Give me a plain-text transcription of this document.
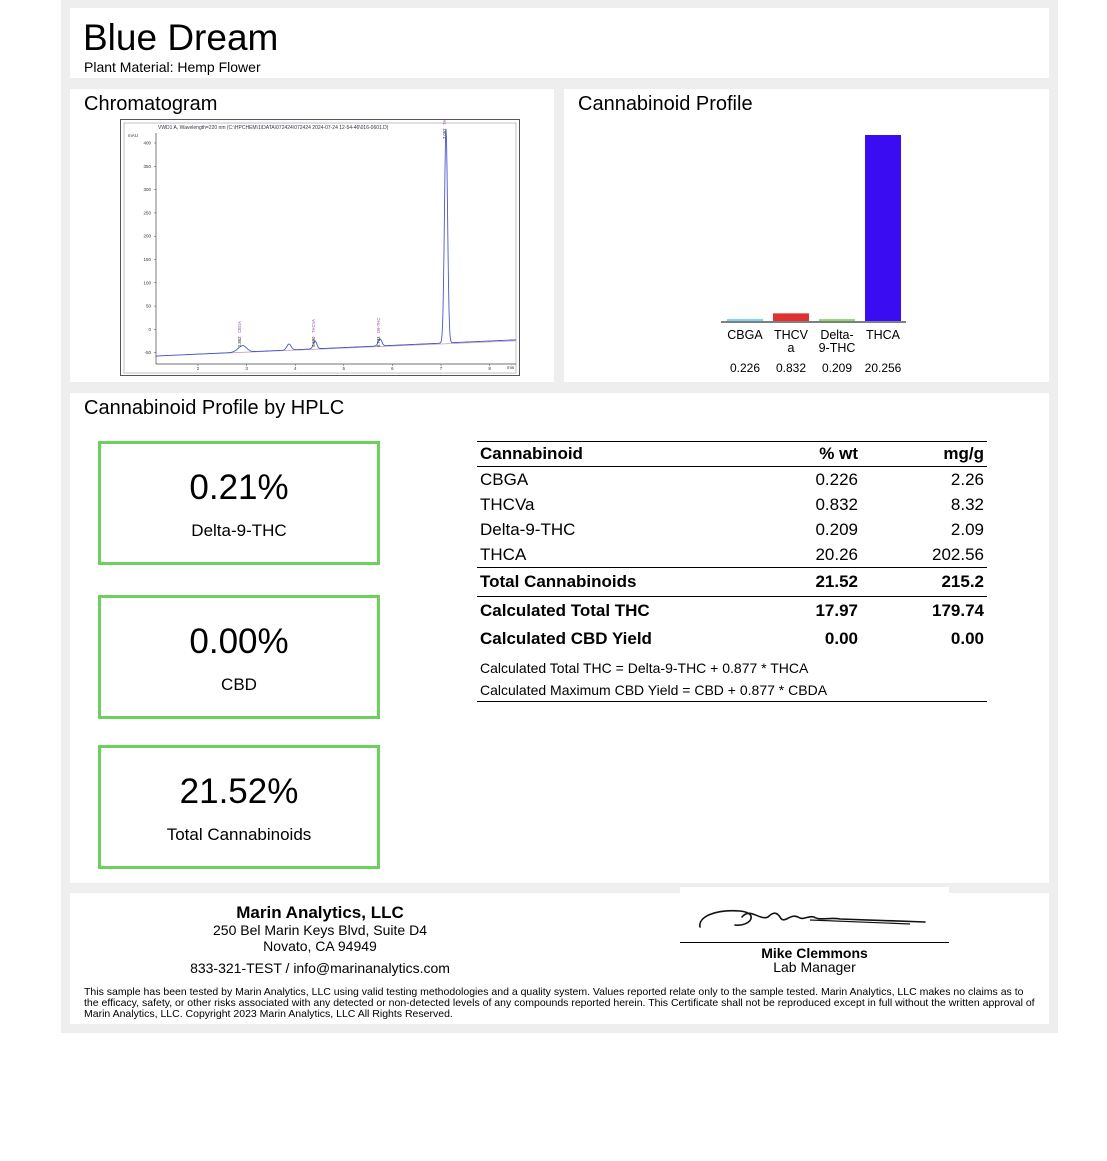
Blue Dream
Plant Material: Hemp Flower
Chromatogram
VWD1 A, Wavelength=220 nm (C:\HPCHEM\1\DATA\072424\072424 2024-07-24 12-54-46\016-0601.D)
mAU
min
400
350
300
250
200
150
100
50
0
-50
2	3	4	5	6	7	8
2.852
CBGA
4.590
THCVA
5.733
D9-THC
7.062
THCA
Cannabinoid Profile
CBGA
0.226
THCV
a
0.832
Delta-
9-THC
0.209
THCA
20.256
Cannabinoid Profile by HPLC
0.21%
Delta-9-THC
0.00%
CBD
21.52%
Total Cannabinoids
Cannabinoid	% wt	mg/g
CBGA	0.226	2.26
THCVa	0.832	8.32
Delta-9-THC	0.209	2.09
THCA	20.26	202.56
Total Cannabinoids	21.52	215.2
Calculated Total THC	17.97	179.74
Calculated CBD Yield	0.00	0.00
Calculated Total THC = Delta-9-THC + 0.877 * THCA		
Calculated Maximum CBD Yield = CBD + 0.877 * CBDA		
Marin Analytics, LLC
250 Bel Marin Keys Blvd, Suite D4
Novato, CA 94949
833-321-TEST / info@marinanalytics.com
Mike Clemmons
Lab Manager
This sample has been tested by Marin Analytics, LLC using valid testing methodologies and a quality system. Values reported relate only to the sample tested. Marin Analytics, LLC makes no claims as to the efficacy, safety, or other risks associated with any detected or non-detected levels of any compounds reported herein. This Certificate shall not be reproduced except in full without the written approval of Marin Analytics, LLC. Copyright 2023 Marin Analytics, LLC All Rights Reserved.
